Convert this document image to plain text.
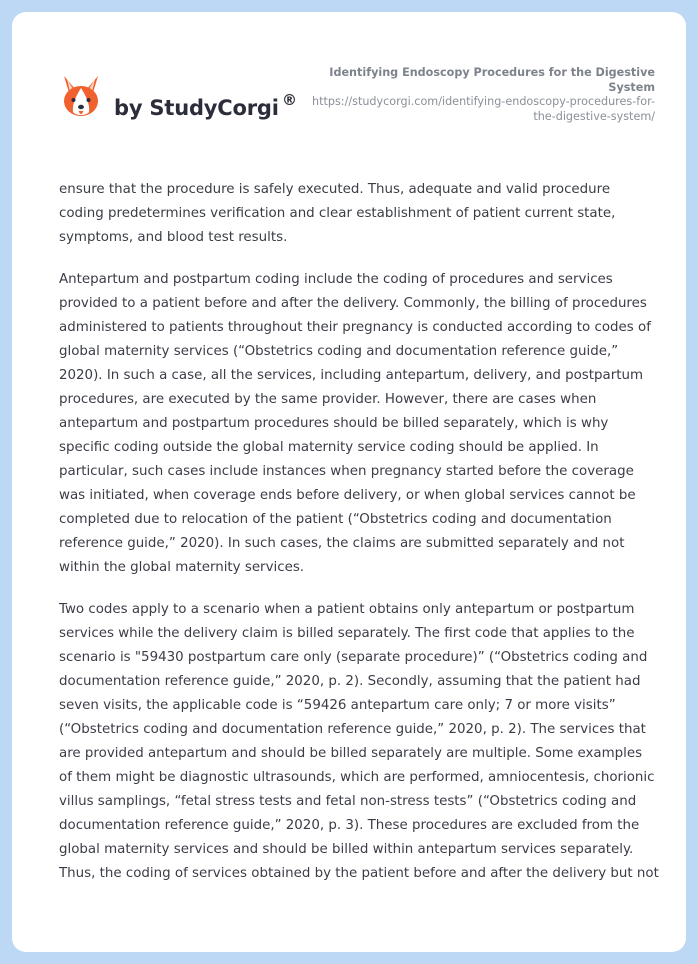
by StudyCorgi ®
Identifying Endoscopy Procedures for the Digestive System
https://studycorgi.com/identifying-endoscopy-procedures-for-the-digestive-system/

ensure that the procedure is safely executed. Thus, adequate and valid procedure coding predetermines verification and clear establishment of patient current state, symptoms, and blood test results.

Antepartum and postpartum coding include the coding of procedures and services provided to a patient before and after the delivery. Commonly, the billing of procedures administered to patients throughout their pregnancy is conducted according to codes of global maternity services (“Obstetrics coding and documentation reference guide,” 2020). In such a case, all the services, including antepartum, delivery, and postpartum procedures, are executed by the same provider. However, there are cases when antepartum and postpartum procedures should be billed separately, which is why specific coding outside the global maternity service coding should be applied. In particular, such cases include instances when pregnancy started before the coverage was initiated, when coverage ends before delivery, or when global services cannot be completed due to relocation of the patient (“Obstetrics coding and documentation reference guide,” 2020). In such cases, the claims are submitted separately and not within the global maternity services.

Two codes apply to a scenario when a patient obtains only antepartum or postpartum services while the delivery claim is billed separately. The first code that applies to the scenario is "59430 postpartum care only (separate procedure)” (“Obstetrics coding and documentation reference guide,” 2020, p. 2). Secondly, assuming that the patient had seven visits, the applicable code is “59426 antepartum care only; 7 or more visits” (“Obstetrics coding and documentation reference guide,” 2020, p. 2). The services that are provided antepartum and should be billed separately are multiple. Some examples of them might be diagnostic ultrasounds, which are performed, amniocentesis, chorionic villus samplings, “fetal stress tests and fetal non-stress tests” (“Obstetrics coding and documentation reference guide,” 2020, p. 3). These procedures are excluded from the global maternity services and should be billed within antepartum services separately. Thus, the coding of services obtained by the patient before and after the delivery but not
